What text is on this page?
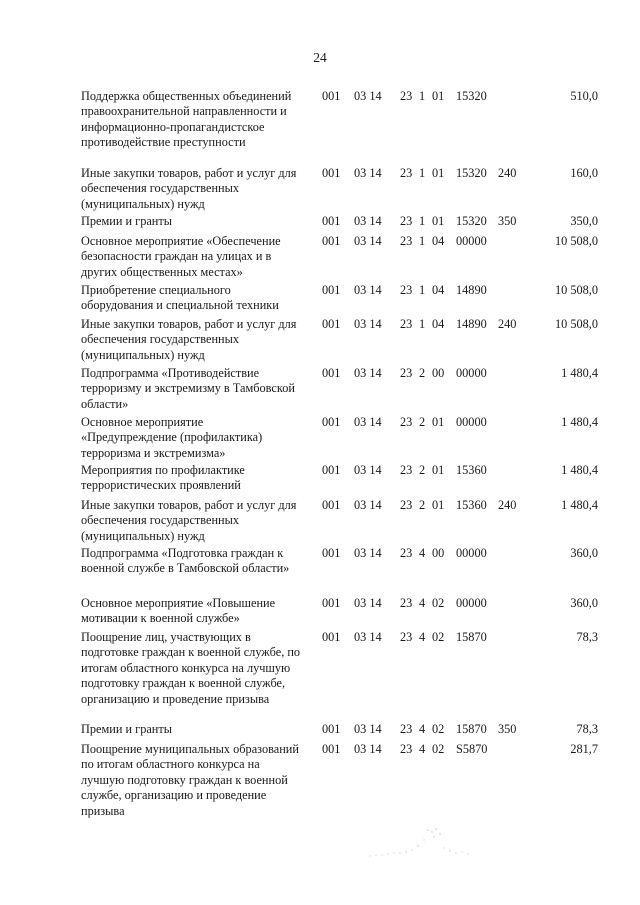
24
Поддержка общественных объединений правоохранительной направленности и информационно-пропагандистское противодействие преступности
001 03 14 23 1 01 15320	510,0
Иные закупки товаров, работ и услуг для обеспечения государственных (муниципальных) нужд
001 03 14 23 1 01 15320 240	160,0
Премии и гранты	001 03 14 23 1 01 15320 350	350,0
Основное мероприятие «Обеспечение безопасности граждан на улицах и в других общественных местах»
001 03 14 23 1 04 00000	10 508,0
Приобретение специального оборудования и специальной техники
001 03 14 23 1 04 14890	10 508,0
Иные закупки товаров, работ и услуг для обеспечения государственных (муниципальных) нужд
001 03 14 23 1 04 14890 240	10 508,0
Подпрограмма «Противодействие терроризму и экстремизму в Тамбовской области»
001 03 14 23 2 00 00000	1 480,4
Основное мероприятие «Предупреждение (профилактика) терроризма и экстремизма»
001 03 14 23 2 01 00000	1 480,4
Мероприятия по профилактике террористических проявлений
001 03 14 23 2 01 15360	1 480,4
Иные закупки товаров, работ и услуг для обеспечения государственных (муниципальных) нужд
001 03 14 23 2 01 15360 240	1 480,4
Подпрограмма «Подготовка граждан к военной службе в Тамбовской области»
001 03 14 23 4 00 00000	360,0
Основное мероприятие «Повышение мотивации к военной службе»
001 03 14 23 4 02 00000	360,0
Поощрение лиц, участвующих в подготовке граждан к военной службе, по итогам областного конкурса на лучшую подготовку граждан к военной службе, организацию и проведение призыва
001 03 14 23 4 02 15870	78,3
Премии и гранты	001 03 14 23 4 02 15870 350	78,3
Поощрение муниципальных образований по итогам областного конкурса на лучшую подготовку граждан к военной службе, организацию и проведение призыва
001 03 14 23 4 02 S5870	281,7
